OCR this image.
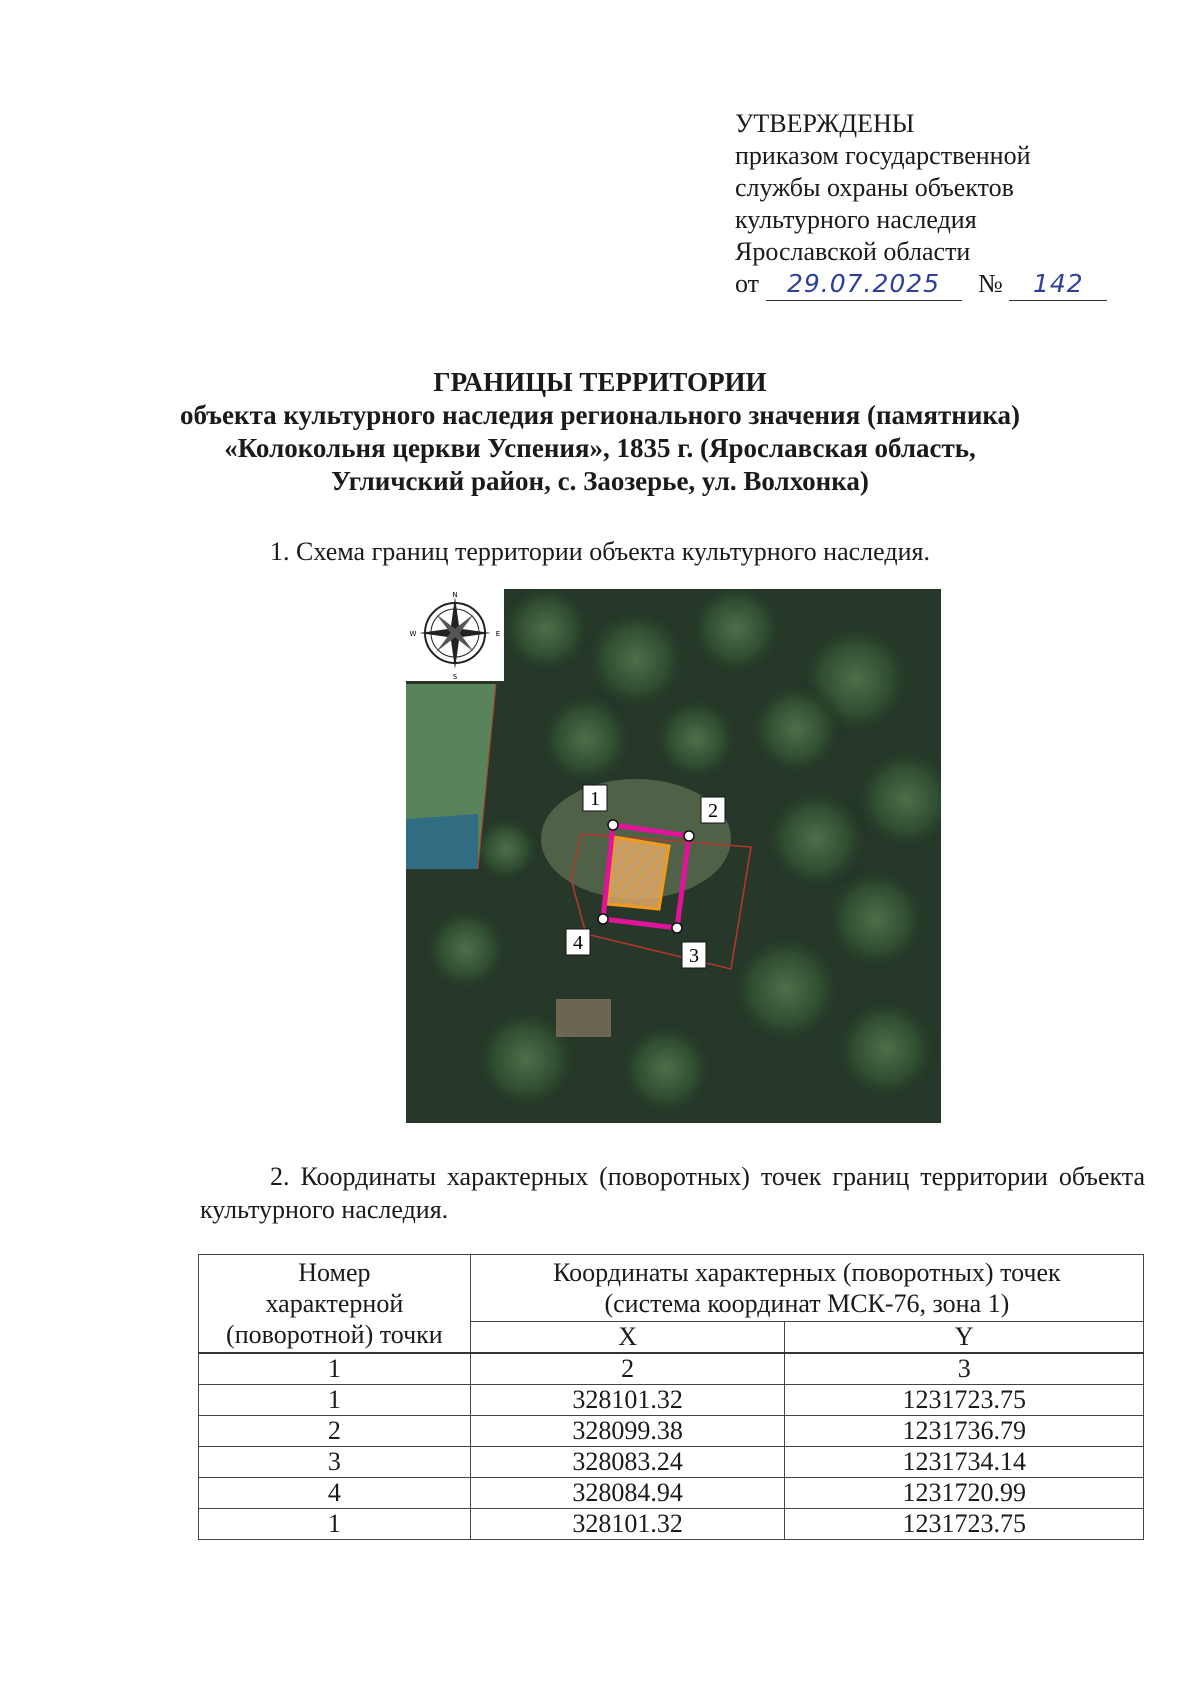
УТВЕРЖДЕНЫ
приказом государственной
службы охраны объектов
культурного наследия
Ярославской области
от 29.07.2025 № 142
ГРАНИЦЫ ТЕРРИТОРИИ
объекта культурного наследия регионального значения (памятника)
«Колокольня церкви Успения», 1835 г. (Ярославская область,
Угличский район, с. Заозерье, ул. Волхонка)
1. Схема границ территории объекта культурного наследия.
N
S
E
W
1
2
3
4
2. Координаты характерных (поворотных) точек границ территории объекта культурного наследия.
Номер
характерной
(поворотной) точки	Координаты характерных (поворотных) точек
(система координат МСК-76, зона 1)	

	X	Y
1	2	3
1	328101.32	1231723.75
2	328099.38	1231736.79
3	328083.24	1231734.14
4	328084.94	1231720.99
1	328101.32	1231723.75
